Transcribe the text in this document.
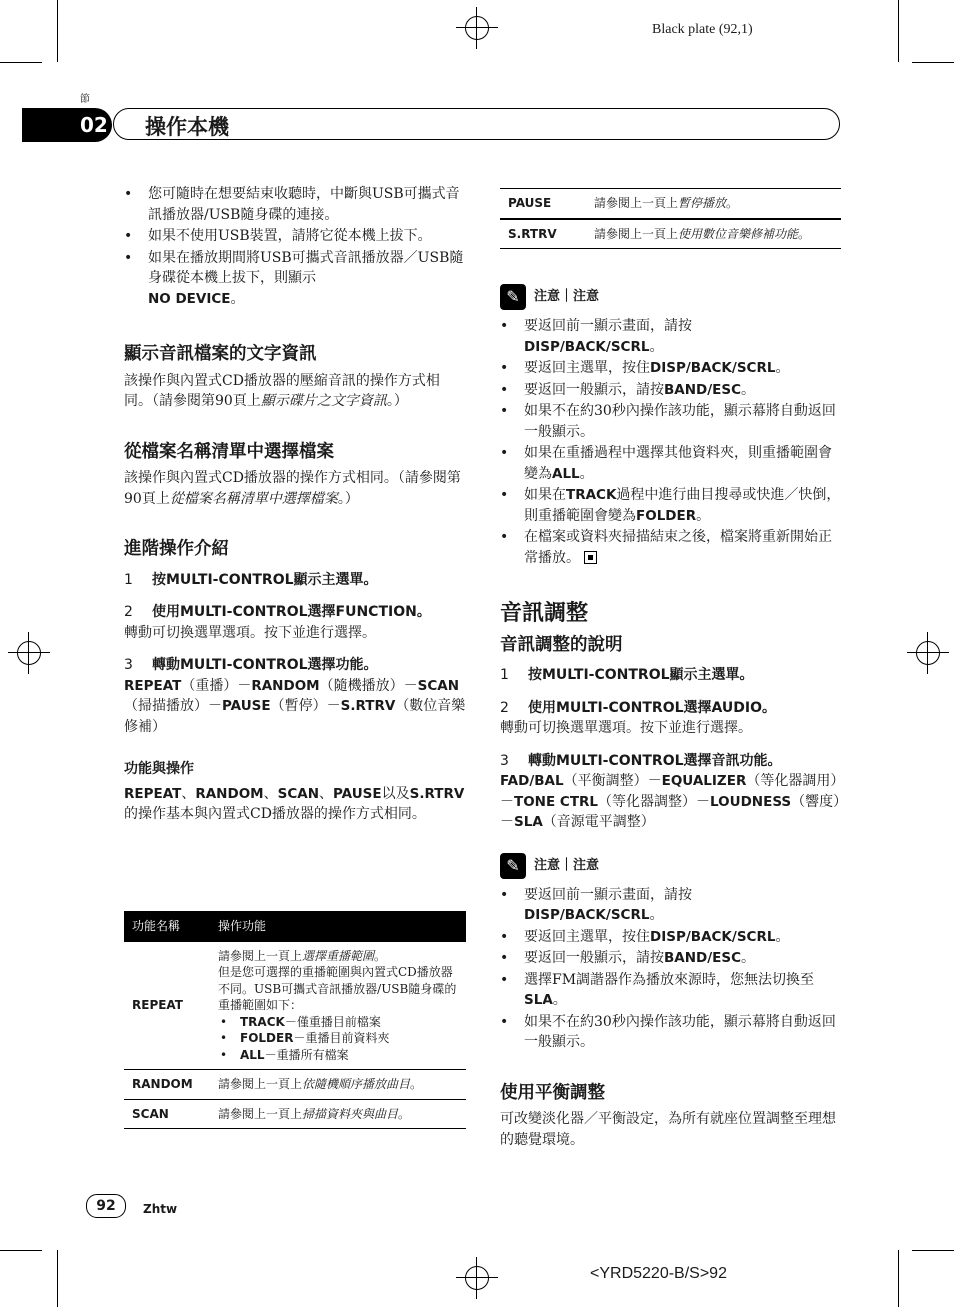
Black plate (92,1)
節
02 操作本機
• 您可隨時在想要結束收聽時，中斷與USB可攜式音訊播放器/USB隨身碟的連接。
• 如果不使用USB裝置，請將它從本機上拔下。
• 如果在播放期間將USB可攜式音訊播放器／USB隨身碟從本機上拔下，則顯示
NO DEVICE。
顯示音訊檔案的文字資訊
該操作與內置式CD播放器的壓縮音訊的操作方式相同。（請參閱第90頁上顯示碟片之文字資訊。）
從檔案名稱清單中選擇檔案
該操作與內置式CD播放器的操作方式相同。（請參閱第90頁上從檔案名稱清單中選擇檔案。）
進階操作介紹
1 按MULTI-CONTROL顯示主選單。
2 使用MULTI-CONTROL選擇FUNCTION。
轉動可切換選單選項。按下並進行選擇。
3 轉動MULTI-CONTROL選擇功能。
REPEAT（重播）－RANDOM（隨機播放）－SCAN（掃描播放）－PAUSE（暫停）－S.RTRV（數位音樂修補）
功能與操作
REPEAT、RANDOM、SCAN、PAUSE以及S.RTRV的操作基本與內置式CD播放器的操作方式相同。
功能名稱	操作功能
REPEAT	請參閱上一頁上選擇重播範圍。
但是您可選擇的重播範圍與內置式CD播放器不同。USB可攜式音訊播放器/USB隨身碟的重播範圍如下：
• TRACK－僅重播目前檔案
• FOLDER－重播目前資料夾
• ALL－重播所有檔案

RANDOM	請參閱上一頁上依隨機順序播放曲目。
SCAN	請參閱上一頁上掃描資料夾與曲目。
PAUSE	請參閱上一頁上暫停播放。
S.RTRV	請參閱上一頁上使用數位音樂修補功能。
✎	注意｜注意
• 要返回前一顯示畫面，請按
DISP/BACK/SCRL。
• 要返回主選單，按住DISP/BACK/SCRL。
• 要返回一般顯示，請按BAND/ESC。
• 如果不在約30秒內操作該功能，顯示幕將自動返回一般顯示。
• 如果在重播過程中選擇其他資料夾，則重播範圍會變為ALL。
• 如果在TRACK過程中進行曲目搜尋或快進／快倒，則重播範圍會變為FOLDER。
• 在檔案或資料夾掃描結束之後，檔案將重新開始正常播放。
音訊調整
音訊調整的說明
1 按MULTI-CONTROL顯示主選單。
2 使用MULTI-CONTROL選擇AUDIO。
轉動可切換選單選項。按下並進行選擇。
3 轉動MULTI-CONTROL選擇音訊功能。
FAD/BAL（平衡調整）－EQUALIZER（等化器調用）－TONE CTRL（等化器調整）－LOUDNESS（響度）－SLA（音源電平調整）
✎	注意｜注意
• 要返回前一顯示畫面，請按
DISP/BACK/SCRL。
• 要返回主選單，按住DISP/BACK/SCRL。
• 要返回一般顯示，請按BAND/ESC。
• 選擇FM調諧器作為播放來源時，您無法切換至SLA。
• 如果不在約30秒內操作該功能，顯示幕將自動返回一般顯示。
使用平衡調整
可改變淡化器／平衡設定，為所有就座位置調整至理想的聽覺環境。
92	Zhtw
<YRD5220-B/S>92
